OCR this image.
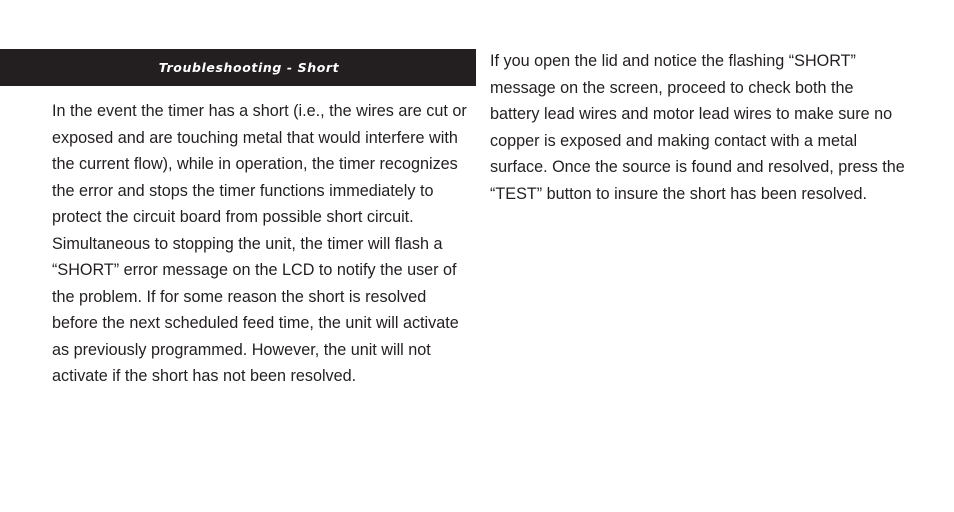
Troubleshooting - Short

In the event the timer has a short (i.e., the wires are cut or exposed and are touching metal that would interfere with the current flow), while in operation, the timer recognizes the error and stops the timer functions immediately to protect the circuit board from possible short circuit. Simultaneous to stopping the unit, the timer will flash a “SHORT” error message on the LCD to notify the user of the problem. If for some reason the short is resolved before the next scheduled feed time, the unit will activate as previously programmed. However, the unit will not activate if the short has not been resolved.

If you open the lid and notice the flashing “SHORT” message on the screen, proceed to check both the battery lead wires and motor lead wires to make sure no copper is exposed and making contact with a metal surface. Once the source is found and resolved, press the “TEST” button to insure the short has been resolved.
